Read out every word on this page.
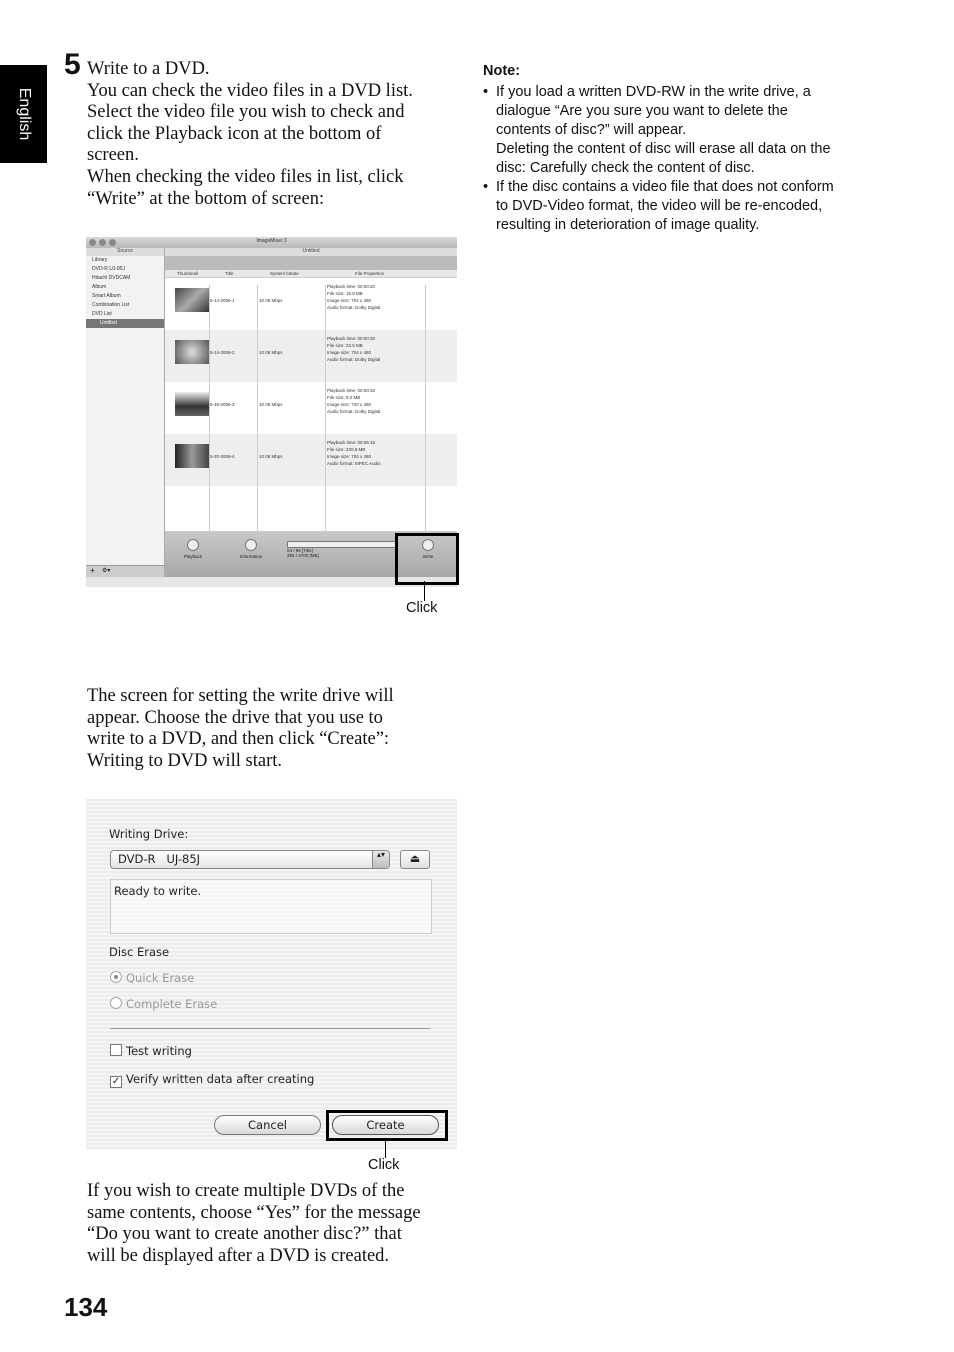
English
5 Write to a DVD.
You can check the video files in a DVD list.
Select the video file you wish to check and
click the Playback icon at the bottom of
screen.
When checking the video files in list, click
“Write” at the bottom of screen:
Note:
• If you load a written DVD-RW in the write drive, a
dialogue “Are you sure you want to delete the
contents of disc?” will appear.
Deleting the content of disc will erase all data on the
disc: Carefully check the content of disc.
• If the disc contains a video file that does not conform
to DVD-Video format, the video will be re-encoded,
resulting in deterioration of image quality.
ImageMixer 3
Source
Library
DVD-R UJ-85J
Hitachi DVDCAM
Album
Smart Album
Combination List
DVD List
Untitled
+ ⚙▾
Untitled
Thumbnail	Title	System bitrate	File Properties
5-14-2006-1	10.08 Mbps
Playback time: 00:00:20
File size: 15.8 MB
Image size: 704 x 480
Audio format: Dolby Digital
5-14-2006-2	10.08 Mbps
Playback time: 00:00:30
File size: 23.5 MB
Image size: 704 x 480
Audio format: Dolby Digital
5-18-2006-3	10.08 Mbps
Playback time: 00:00:33
File size: 9.2 MB
Image size: 720 x 480
Audio format: Dolby Digital
5-20-2006-4	10.08 Mbps
Playback time: 00:06:16
File size: 220.6 MB
Image size: 704 x 480
Audio format: MPEC Audio
Playback	Information
04 / 99 [Title]
394 / 4700 [MB]	Write
Click
The screen for setting the write drive will
appear. Choose the drive that you use to
write to a DVD, and then click “Create”:
Writing to DVD will start.
Writing Drive:
DVD-R   UJ-85J	▴▾	⏏
Ready to write.
Disc Erase
Quick Erase
Complete Erase
Test writing
✓ Verify written data after creating
Cancel	Create
Click
If you wish to create multiple DVDs of the
same contents, choose “Yes” for the message
“Do you want to create another disc?” that
will be displayed after a DVD is created.
134
